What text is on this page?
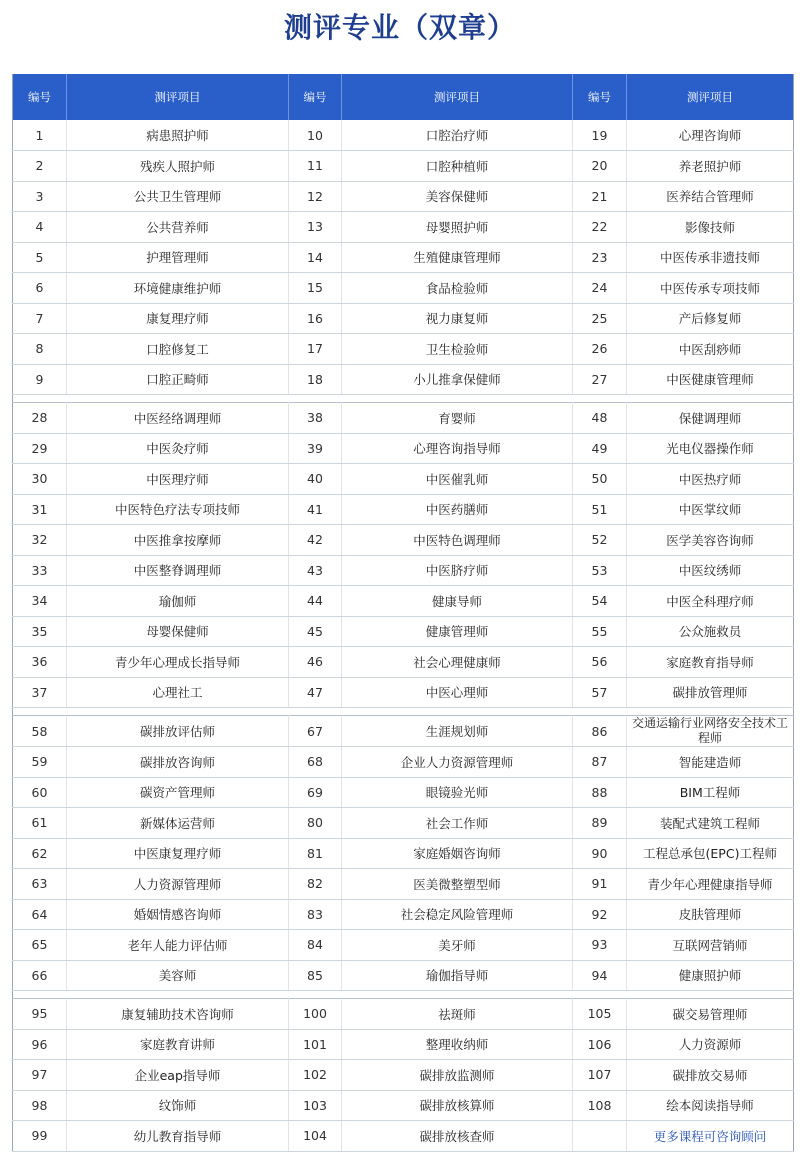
测评专业（双章）
编号	测评项目	编号	测评项目	编号	测评项目
1	病患照护师	10	口腔治疗师	19	心理咨询师
2	残疾人照护师	11	口腔种植师	20	养老照护师
3	公共卫生管理师	12	美容保健师	21	医养结合管理师
4	公共营养师	13	母婴照护师	22	影像技师
5	护理管理师	14	生殖健康管理师	23	中医传承非遗技师
6	环境健康维护师	15	食品检验师	24	中医传承专项技师
7	康复理疗师	16	视力康复师	25	产后修复师
8	口腔修复工	17	卫生检验师	26	中医刮痧师
9	口腔正畸师	18	小儿推拿保健师	27	中医健康管理师

28	中医经络调理师	38	育婴师	48	保健调理师
29	中医灸疗师	39	心理咨询指导师	49	光电仪器操作师
30	中医理疗师	40	中医催乳师	50	中医热疗师
31	中医特色疗法专项技师	41	中医药膳师	51	中医掌纹师
32	中医推拿按摩师	42	中医特色调理师	52	医学美容咨询师
33	中医整脊调理师	43	中医脐疗师	53	中医纹绣师
34	瑜伽师	44	健康导师	54	中医全科理疗师
35	母婴保健师	45	健康管理师	55	公众施救员
36	青少年心理成长指导师	46	社会心理健康师	56	家庭教育指导师
37	心理社工	47	中医心理师	57	碳排放管理师

58	碳排放评估师	67	生涯规划师	86	交通运输行业网络安全技术工程师
59	碳排放咨询师	68	企业人力资源管理师	87	智能建造师
60	碳资产管理师	69	眼镜验光师	88	BIM工程师
61	新媒体运营师	80	社会工作师	89	装配式建筑工程师
62	中医康复理疗师	81	家庭婚姻咨询师	90	工程总承包(EPC)工程师
63	人力资源管理师	82	医美微整塑型师	91	青少年心理健康指导师
64	婚姻情感咨询师	83	社会稳定风险管理师	92	皮肤管理师
65	老年人能力评估师	84	美牙师	93	互联网营销师
66	美容师	85	瑜伽指导师	94	健康照护师

95	康复辅助技术咨询师	100	祛斑师	105	碳交易管理师
96	家庭教育讲师	101	整理收纳师	106	人力资源师
97	企业eap指导师	102	碳排放监测师	107	碳排放交易师
98	纹饰师	103	碳排放核算师	108	绘本阅读指导师
99	幼儿教育指导师	104	碳排放核查师		更多课程可咨询顾问
